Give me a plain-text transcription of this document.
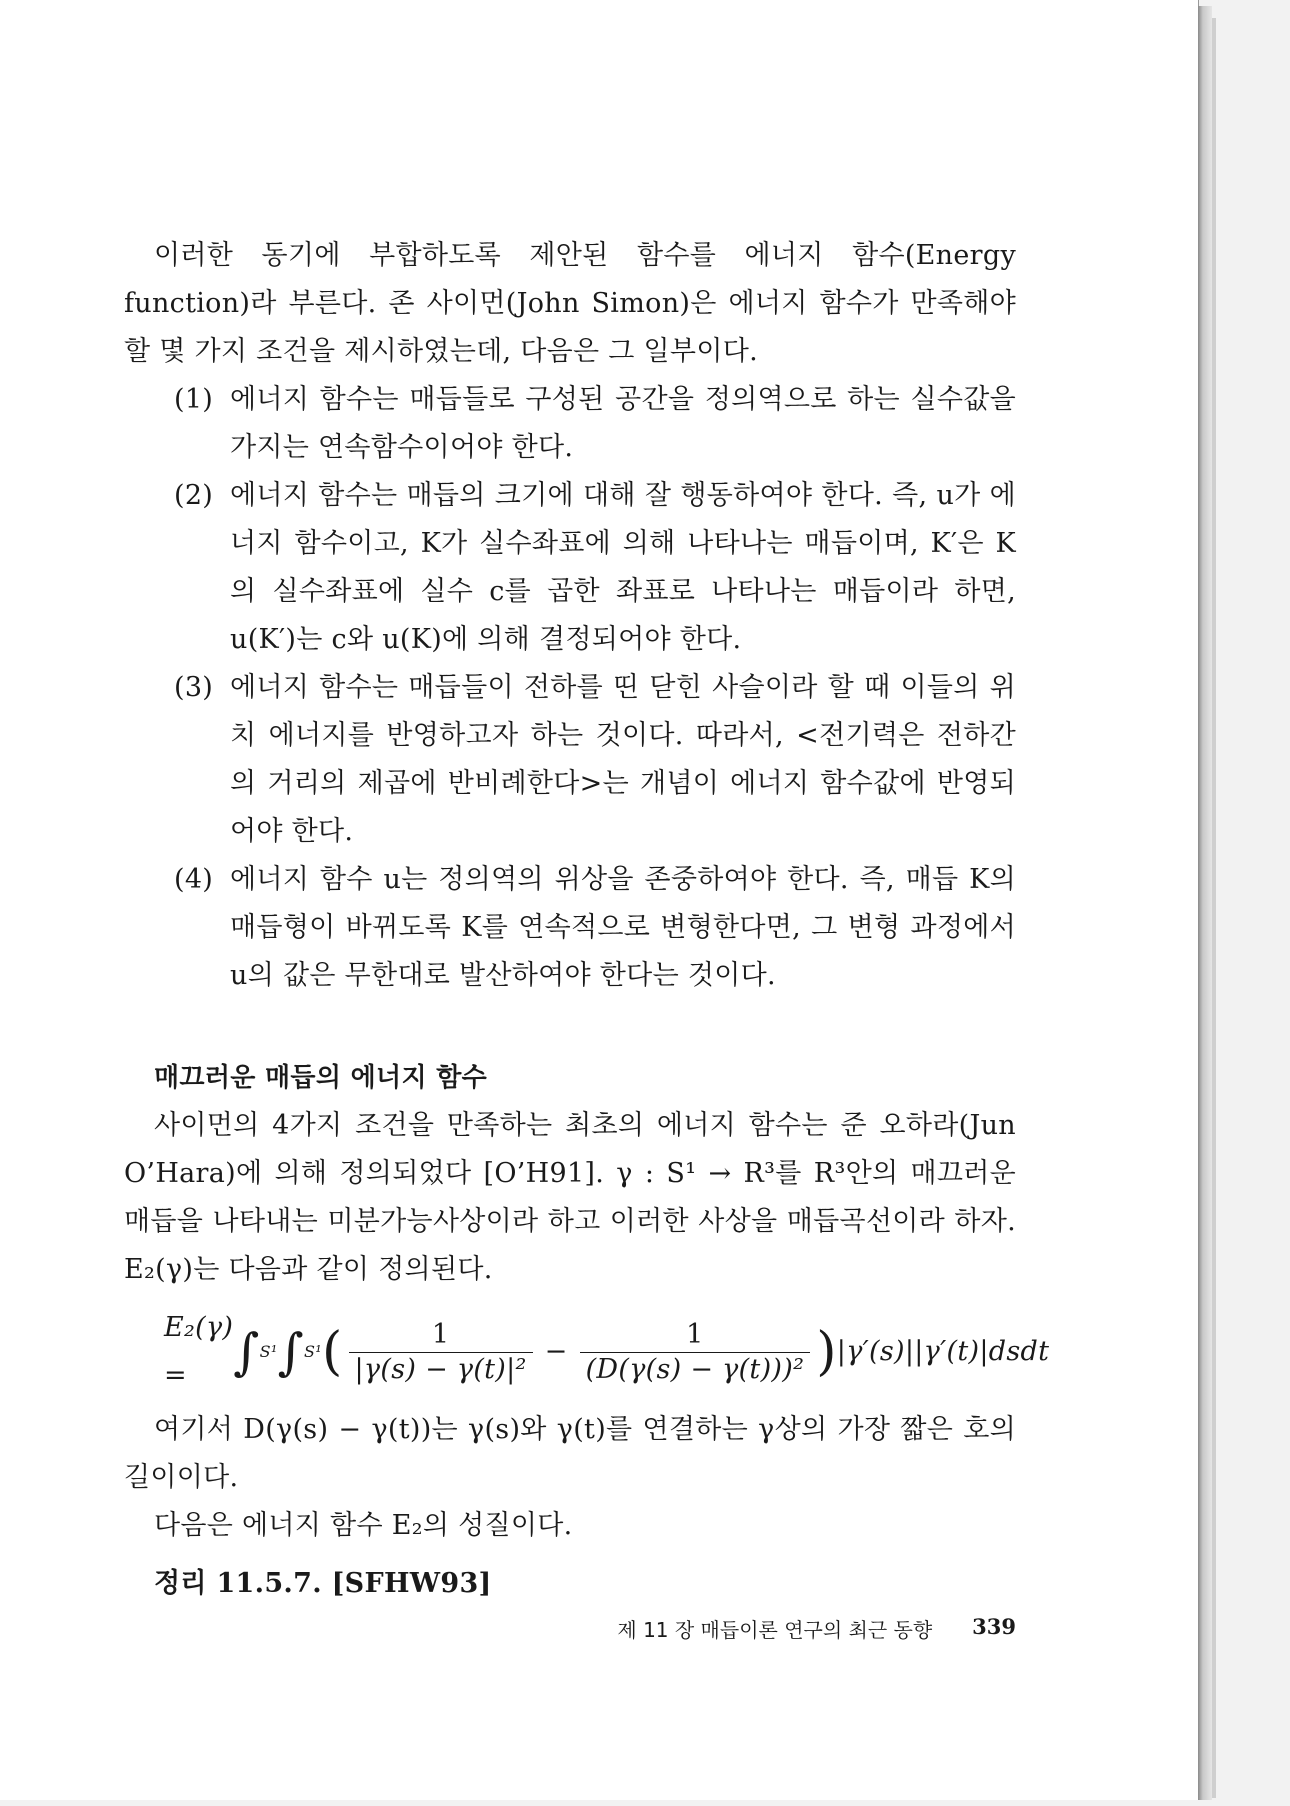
이러한 동기에 부합하도록 제안된 함수를 에너지 함수(Energy function)라 부른다. 존 사이먼(John Simon)은 에너지 함수가 만족해야 할 몇 가지 조건을 제시하였는데, 다음은 그 일부이다.

(1) 에너지 함수는 매듭들로 구성된 공간을 정의역으로 하는 실수값을 가지는 연속함수이어야 한다.
(2) 에너지 함수는 매듭의 크기에 대해 잘 행동하여야 한다. 즉, u가 에너지 함수이고, K가 실수좌표에 의해 나타나는 매듭이며, K′은 K의 실수좌표에 실수 c를 곱한 좌표로 나타나는 매듭이라 하면, u(K′)는 c와 u(K)에 의해 결정되어야 한다.
(3) 에너지 함수는 매듭들이 전하를 띤 닫힌 사슬이라 할 때 이들의 위치 에너지를 반영하고자 하는 것이다. 따라서, <전기력은 전하간의 거리의 제곱에 반비례한다>는 개념이 에너지 함수값에 반영되어야 한다.
(4) 에너지 함수 u는 정의역의 위상을 존중하여야 한다. 즉, 매듭 K의 매듭형이 바뀌도록 K를 연속적으로 변형한다면, 그 변형 과정에서 u의 값은 무한대로 발산하여야 한다는 것이다.
매끄러운 매듭의 에너지 함수

사이먼의 4가지 조건을 만족하는 최초의 에너지 함수는 준 오하라(Jun O’Hara)에 의해 정의되었다 [O’H91]. γ : S¹ → R³를 R³안의 매끄러운 매듭을 나타내는 미분가능사상이라 하고 이러한 사상을 매듭곡선이라 하자. E₂(γ)는 다음과 같이 정의된다.

E₂(γ) = ∫ S¹ ∫ S¹ ( $\frac{1}{\text{|γ(s) − γ(t)|²}} - \frac{1}{\text{(D(γ(s) − γ(t)))²}}$ ) |γ′(s)||γ′(t)|dsdt

여기서 D(γ(s) − γ(t))는 γ(s)와 γ(t)를 연결하는 γ상의 가장 짧은 호의 길이이다.

다음은 에너지 함수 E₂의 성질이다.

정리 11.5.7. [SFHW93]
제 11 장 매듭이론 연구의 최근 동향 339
